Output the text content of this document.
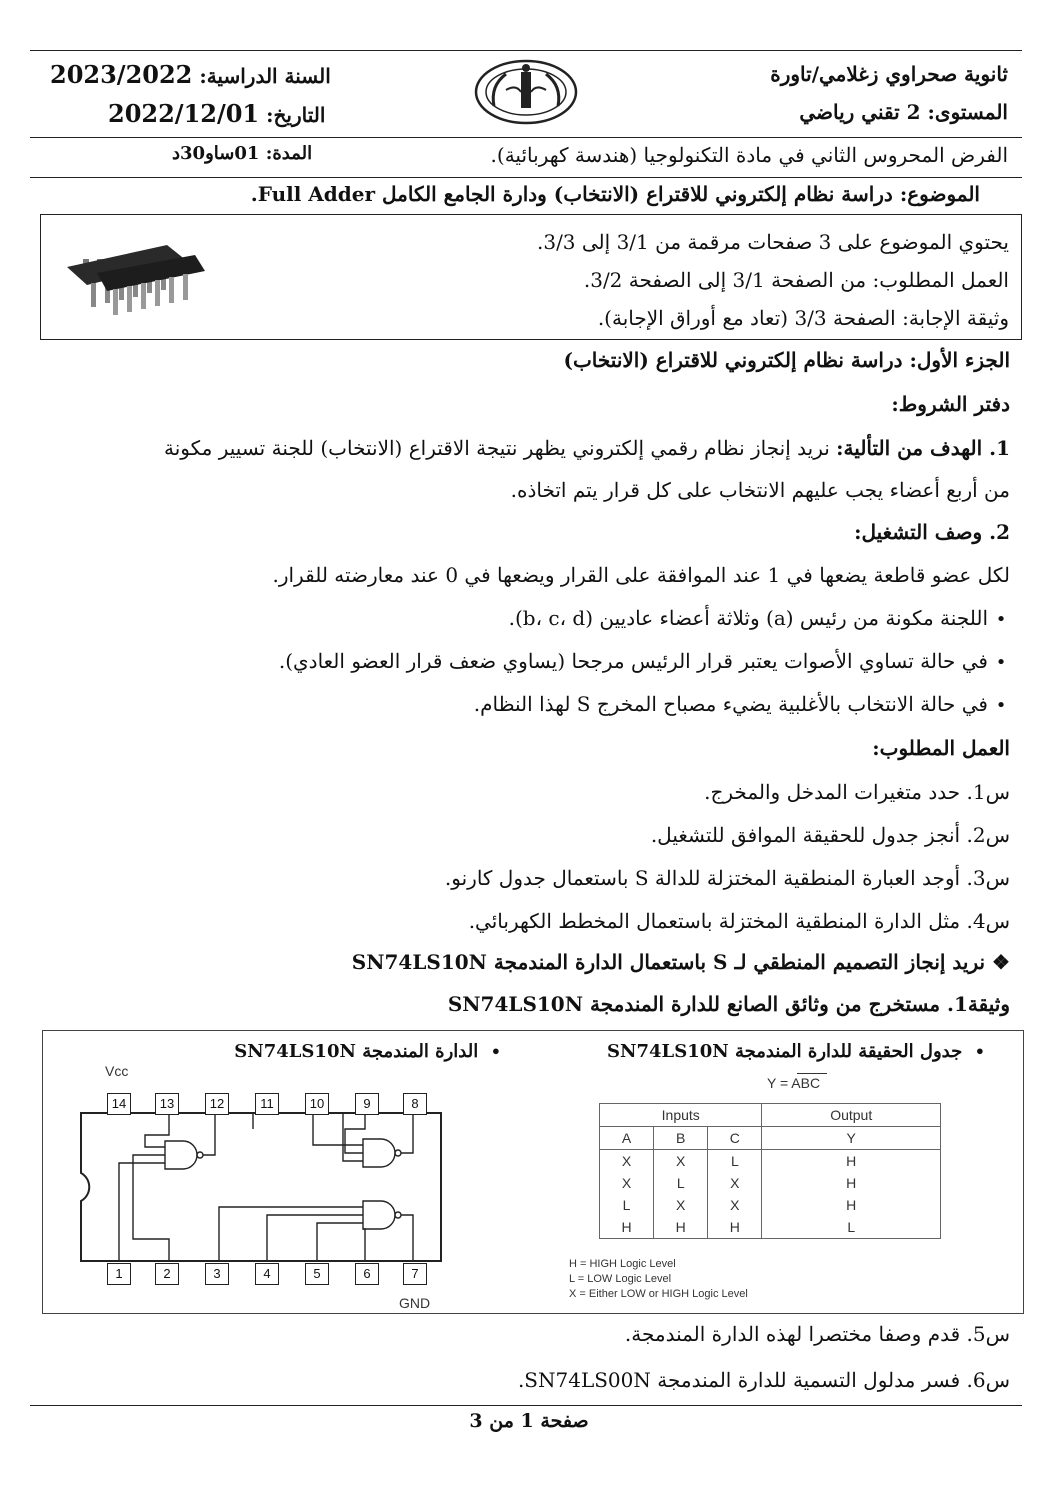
ثانوية صحراوي زغلامي/تاورة
المستوى: 2 تقني رياضي
السنة الدراسية: 2023/2022
التاريخ: 2022/12/01
الفرض المحروس الثاني في مادة التكنولوجيا (هندسة كهربائية).
المدة: 01ساو30د
الموضوع: دراسة نظام إلكتروني للاقتراع (الانتخاب) ودارة الجامع الكامل Full Adder.
يحتوي الموضوع على 3 صفحات مرقمة من 3/1 إلى 3/3.
العمل المطلوب: من الصفحة 3/1 إلى الصفحة 3/2.
وثيقة الإجابة: الصفحة 3/3 (تعاد مع أوراق الإجابة).
الجزء الأول: دراسة نظام إلكتروني للاقتراع (الانتخاب)
دفتر الشروط:
1. الهدف من التألية: نريد إنجاز نظام رقمي إلكتروني يظهر نتيجة الاقتراع (الانتخاب) للجنة تسيير مكونة
من أربع أعضاء يجب عليهم الانتخاب على كل قرار يتم اتخاذه.
2. وصف التشغيل:
لكل عضو قاطعة يضعها في 1 عند الموافقة على القرار ويضعها في 0 عند معارضته للقرار.
• اللجنة مكونة من رئيس (a) وثلاثة أعضاء عاديين (b، c، d).
• في حالة تساوي الأصوات يعتبر قرار الرئيس مرجحا (يساوي ضعف قرار العضو العادي).
• في حالة الانتخاب بالأغلبية يضيء مصباح المخرج S لهذا النظام.
العمل المطلوب:
س1. حدد متغيرات المدخل والمخرج.
س2. أنجز جدول للحقيقة الموافق للتشغيل.
س3. أوجد العبارة المنطقية المختزلة للدالة S باستعمال جدول كارنو.
س4. مثل الدارة المنطقية المختزلة باستعمال المخطط الكهربائي.
❖ نريد إنجاز التصميم المنطقي لـ S باستعمال الدارة المندمجة SN74LS10N
وثيقة1. مستخرج من وثائق الصانع للدارة المندمجة SN74LS10N
•  جدول الحقيقة للدارة المندمجة SN74LS10N
•  الدارة المندمجة SN74LS10N
Y = ABC
Inputs			Output
A	B	C	Y
X	X	L	H
X	L	X	H
L	X	X	H
H	H	H	L
H = HIGH Logic Level
L = LOW Logic Level
X = Either LOW or HIGH Logic Level
Vcc
GND
14	13	12	11	10	9	8
1	2	3	4	5	6	7
س5. قدم وصفا مختصرا لهذه الدارة المندمجة.
س6. فسر مدلول التسمية للدارة المندمجة SN74LS00N.
صفحة 1 من 3
